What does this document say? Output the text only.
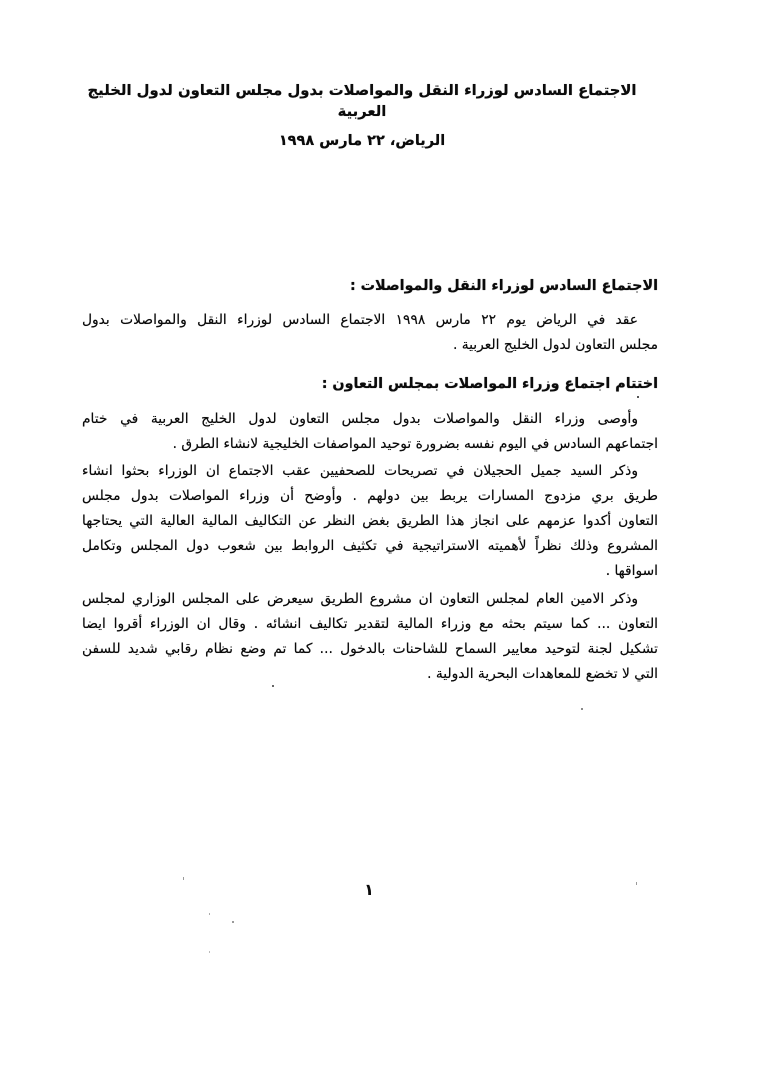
الاجتماع السادس لوزراء النقل والمواصلات بدول مجلس التعاون لدول الخليج العربية
الرياض، ٢٢ مارس ١٩٩٨
الاجتماع السادس لوزراء النقل والمواصلات :
عقد في الرياض يوم ٢٢ مارس ١٩٩٨ الاجتماع السادس لوزراء النقل والمواصلات بدول
مجلس التعاون لدول الخليج العربية .
اختتام اجتماع وزراء المواصلات بمجلس التعاون :
وأوصى وزراء النقل والمواصلات بدول مجلس التعاون لدول الخليج العربية في ختام
اجتماعهم السادس في اليوم نفسه بضرورة توحيد المواصفات الخليجية لانشاء الطرق .
وذكر السيد جميل الحجيلان في تصريحات للصحفيين عقب الاجتماع ان الوزراء بحثوا انشاء
طريق بري مزدوج المسارات يربط بين دولهم . وأوضح أن وزراء المواصلات بدول مجلس
التعاون أكدوا عزمهم على انجاز هذا الطريق بغض النظر عن التكاليف المالية العالية التي يحتاجها
المشروع وذلك نظراً لأهميته الاستراتيجية في تكثيف الروابط بين شعوب دول المجلس وتكامل
اسواقها .
وذكر الامين العام لمجلس التعاون ان مشروع الطريق سيعرض على المجلس الوزاري لمجلس
التعاون ... كما سيتم بحثه مع وزراء المالية لتقدير تكاليف انشائه . وقال ان الوزراء أقروا ايضا
تشكيل لجنة لتوحيد معايير السماح للشاحنات بالدخول ... كما تم وضع نظام رقابي شديد للسفن
التي لا تخضع للمعاهدات البحرية الدولية .
١
